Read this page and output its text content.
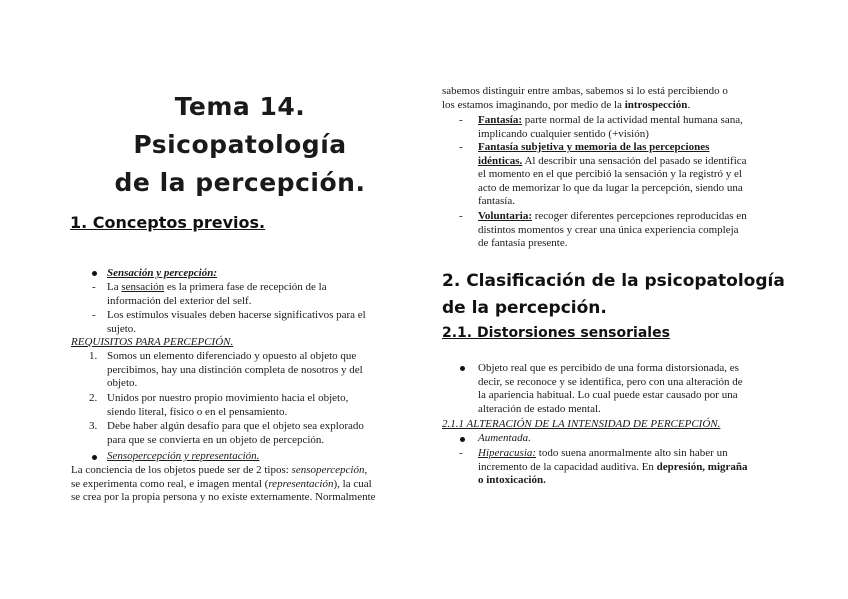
Tema 14. Psicopatología
de la percepción.
1. Conceptos previos.
Sensación y percepción:
- La sensación es la primera fase de recepción de la
información del exterior del self.
- Los estímulos visuales deben hacerse significativos para el
sujeto.
REQUISITOS PARA PERCEPCIÓN.
1. Somos un elemento diferenciado y opuesto al objeto que
percibimos, hay una distinción completa de nosotros y del
objeto.
2. Unidos por nuestro propio movimiento hacia el objeto,
siendo literal, físico o en el pensamiento.
3. Debe haber algún desafío para que el objeto sea explorado
para que se convierta en un objeto de percepción.
Sensopercepción y representación.
La conciencia de los objetos puede ser de 2 tipos: sensopercepción,
se experimenta como real, e imagen mental (representación), la cual
se crea por la propia persona y no existe externamente. Normalmente
sabemos distinguir entre ambas, sabemos si lo está percibiendo o
los estamos imaginando, por medio de la introspección.
- Fantasía: parte normal de la actividad mental humana sana,
implicando cualquier sentido (+visión)
- Fantasía subjetiva y memoria de las percepciones
idénticas. Al describir una sensación del pasado se identifica
el momento en el que percibió la sensación y la registró y el
acto de memorizar lo que da lugar la percepción, siendo una
fantasía.
- Voluntaria: recoger diferentes percepciones reproducidas en
distintos momentos y crear una única experiencia compleja
de fantasía presente.
2. Clasificación de la psicopatología
de la percepción.
2.1. Distorsiones sensoriales
Objeto real que es percibido de una forma distorsionada, es
decir, se reconoce y se identifica, pero con una alteración de
la apariencia habitual. Lo cual puede estar causado por una
alteración de estado mental.
2.1.1 ALTERACIÓN DE LA INTENSIDAD DE PERCEPCIÓN.
Aumentada.
- Hiperacusia: todo suena anormalmente alto sin haber un
incremento de la capacidad auditiva. En depresión, migraña
o intoxicación.
